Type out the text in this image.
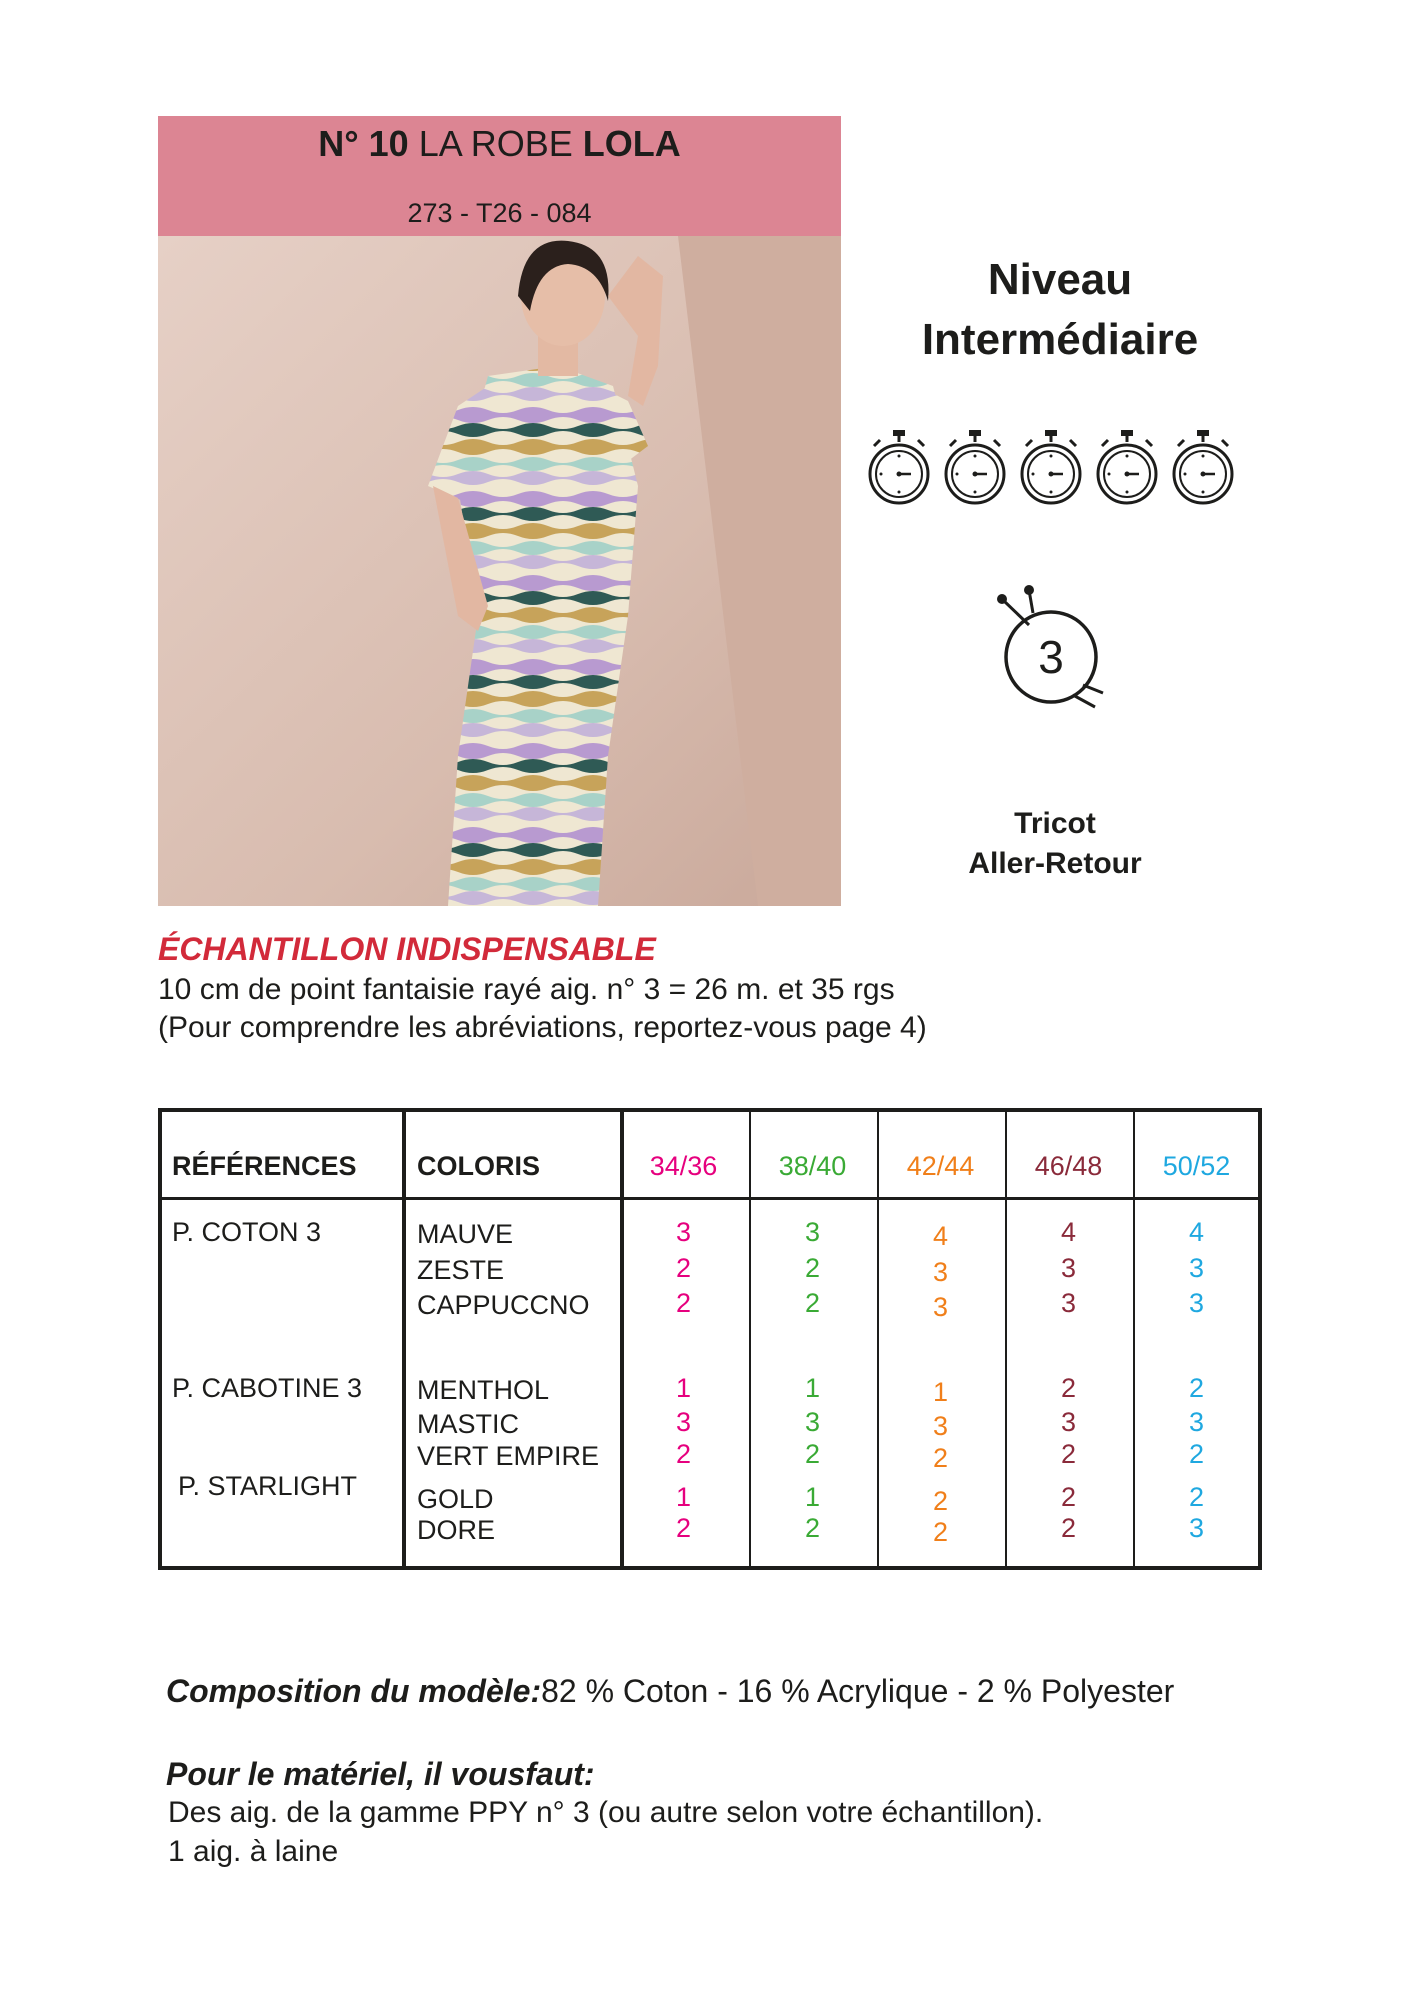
N° 10 LA ROBE LOLA
273 - T26 - 084
Niveau
Intermédiaire
3
Tricot
Aller-Retour
ÉCHANTILLON INDISPENSABLE
10 cm de point fantaisie rayé aig. n° 3 = 26 m. et 35 rgs
(Pour comprendre les abréviations, reportez-vous page 4)
RÉFÉRENCES COLORIS	34/36	38/40	42/44	46/48	50/52
P. COTON 3	MAUVE	3	3	4	4	4
ZESTE	2	2	3	3	3
CAPPUCCNO	2	2	3	3	3
P. CABOTINE 3 MENTHOL	1	1	1	2	2
MASTIC	3	3	3	3	3
VERT EMPIRE	2	2	2	2	2
P. STARLIGHT GOLD	1	1	2	2	2
DORE	2	2	2	2	3
Composition du modèle:82 % Coton - 16 % Acrylique - 2 % Polyester
Pour le matériel, il vousfaut:
Des aig. de la gamme PPY n° 3 (ou autre selon votre échantillon).
1 aig. à laine
